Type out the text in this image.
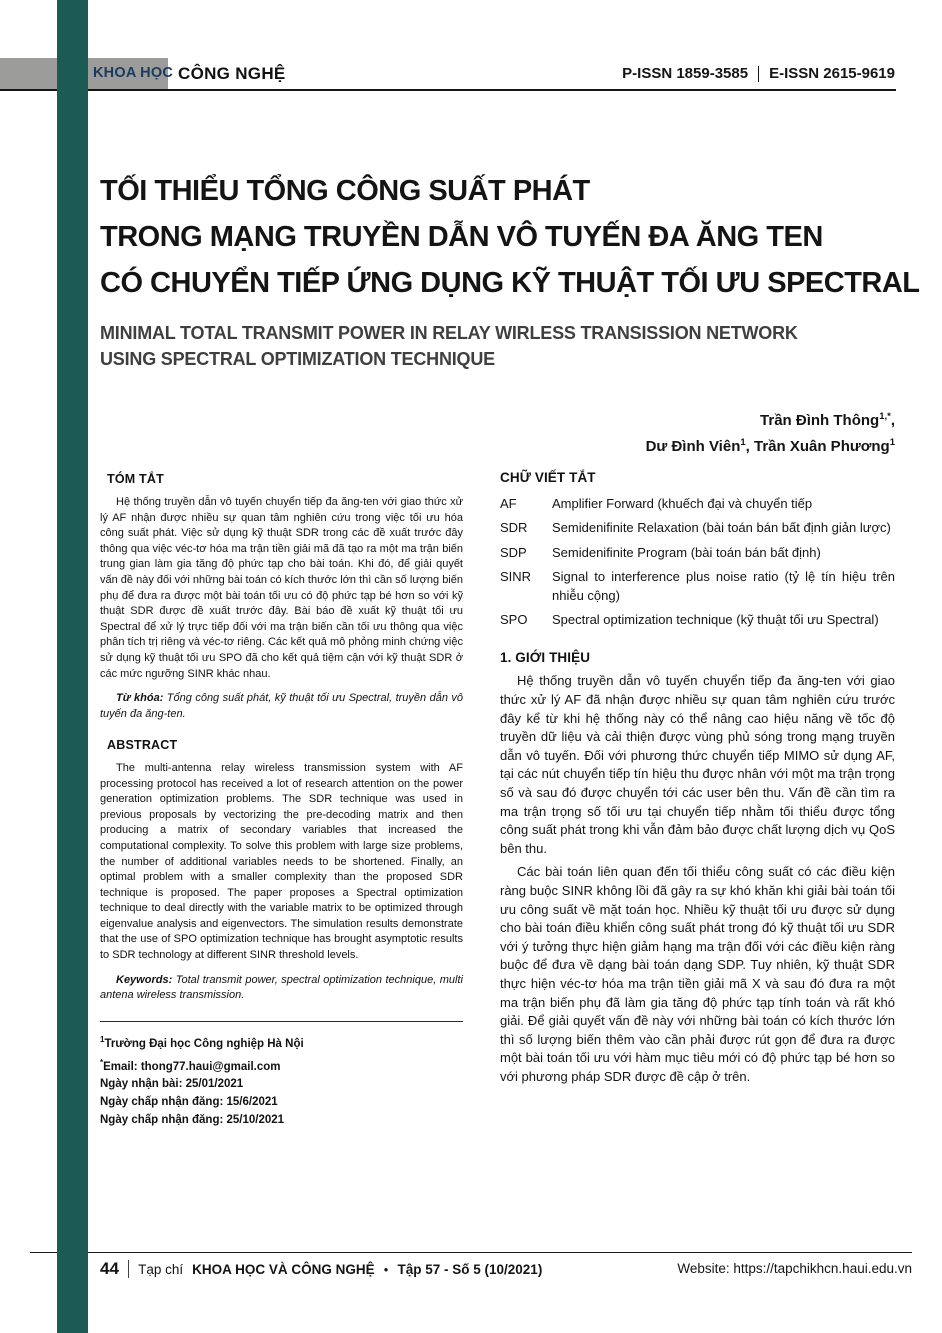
KHOA HỌC CÔNG NGHỆ	P-ISSN 1859-3585 E-ISSN 2615-9619
TỐI THIỂU TỔNG CÔNG SUẤT PHÁT
TRONG MẠNG TRUYỀN DẪN VÔ TUYẾN ĐA ĂNG TEN
CÓ CHUYỂN TIẾP ỨNG DỤNG KỸ THUẬT TỐI ƯU SPECTRAL
MINIMAL TOTAL TRANSMIT POWER IN RELAY WIRLESS TRANSISSION NETWORK
USING SPECTRAL OPTIMIZATION TECHNIQUE
Trần Đình Thông$^{1,*}$,
Dư Đình Viên$^1$, Trần Xuân Phương$^1$
TÓM TẮT

Hệ thống truyền dẫn vô tuyến chuyển tiếp đa ăng-ten với giao thức xử lý AF nhận được nhiều sự quan tâm nghiên cứu trong việc tối ưu hóa công suất phát. Việc sử dụng kỹ thuật SDR trong các đề xuất trước đây thông qua việc véc-tơ hóa ma trận tiền giải mã đã tạo ra một ma trận biến trung gian làm gia tăng độ phức tạp cho bài toán. Khi đó, để giải quyết vấn đề này đối với những bài toán có kích thước lớn thì cần số lượng biến phụ để đưa ra được một bài toán tối ưu có độ phức tạp bé hơn so với kỹ thuật SDR được đề xuất trước đây. Bài báo đề xuất kỹ thuật tối ưu Spectral để xử lý trực tiếp đối với ma trận biến cần tối ưu thông qua việc phân tích trị riêng và véc-tơ riêng. Các kết quả mô phỏng minh chứng việc sử dụng kỹ thuật tối ưu SPO đã cho kết quả tiệm cận với kỹ thuật SDR ở các mức ngưỡng SINR khác nhau.

Từ khóa: Tổng công suất phát, kỹ thuật tối ưu Spectral, truyền dẫn vô tuyến đa ăng-ten.

ABSTRACT

The multi-antenna relay wireless transmission system with AF processing protocol has received a lot of research attention on the power generation optimization problems. The SDR technique was used in previous proposals by vectorizing the pre-decoding matrix and then producing a matrix of secondary variables that increased the computational complexity. To solve this problem with large size problems, the number of additional variables needs to be shortened. Finally, an optimal problem with a smaller complexity than the proposed SDR technique is proposed. The paper proposes a Spectral optimization technique to deal directly with the variable matrix to be optimized through eigenvalue analysis and eigenvectors. The simulation results demonstrate that the use of SPO optimization technique has brought asymptotic results to SDR technology at different SINR threshold levels.

Keywords: Total transmit power, spectral optimization technique, multi antena wireless transmission.

$^1$Trường Đại học Công nghiệp Hà Nội
*Email: thong77.haui@gmail.com
Ngày nhận bài: 25/01/2021
Ngày chấp nhận đăng: 15/6/2021
Ngày chấp nhận đăng: 25/10/2021
CHỮ VIẾT TẮT
AF	Amplifier Forward (khuếch đại và chuyển tiếp
SDR	Semidenifinite Relaxation (bài toán bán bất định giản lược)
SDP	Semidenifinite Program (bài toán bán bất định)
SINR	Signal to interference plus noise ratio (tỷ lệ tín hiệu trên nhiễu cộng)
SPO	Spectral optimization technique (kỹ thuật tối ưu Spectral)
1. GIỚI THIỆU

Hệ thống truyền dẫn vô tuyến chuyển tiếp đa ăng-ten với giao thức xử lý AF đã nhận được nhiều sự quan tâm nghiên cứu trước đây kể từ khi hệ thống này có thể nâng cao hiệu năng về tốc độ truyền dữ liệu và cải thiện được vùng phủ sóng trong mạng truyền dẫn vô tuyến. Đối với phương thức chuyển tiếp MIMO sử dụng AF, tại các nút chuyển tiếp tín hiệu thu được nhân với một ma trận trọng số và sau đó được chuyển tới các user bên thu. Vấn đề cần tìm ra ma trận trọng số tối ưu tại chuyển tiếp nhằm tối thiểu được tổng công suất phát trong khi vẫn đảm bảo được chất lượng dịch vụ QoS bên thu.

Các bài toán liên quan đến tối thiểu công suất có các điều kiện ràng buộc SINR không lồi đã gây ra sự khó khăn khi giải bài toán tối ưu công suất về mặt toán học. Nhiều kỹ thuật tối ưu được sử dụng cho bài toán điều khiển công suất phát trong đó kỹ thuật tối ưu SDR với ý tưởng thực hiện giảm hạng ma trận đối với các điều kiện ràng buộc để đưa về dạng bài toán dạng SDP. Tuy nhiên, kỹ thuật SDR thực hiện véc-tơ hóa ma trận tiền giải mã X và sau đó đưa ra một ma trận biến phụ đã làm gia tăng độ phức tạp tính toán và rất khó giải. Để giải quyết vấn đề này với những bài toán có kích thước lớn thì số lượng biến thêm vào cần phải được rút gọn để đưa ra được một bài toán tối ưu với hàm mục tiêu mới có độ phức tạp bé hơn so với phương pháp SDR được đề cập ở trên.

44 Tạp chí KHOA HỌC VÀ CÔNG NGHỆ ● Tập 57 - Số 5 (10/2021)	Website: https://tapchikhcn.haui.edu.vn
